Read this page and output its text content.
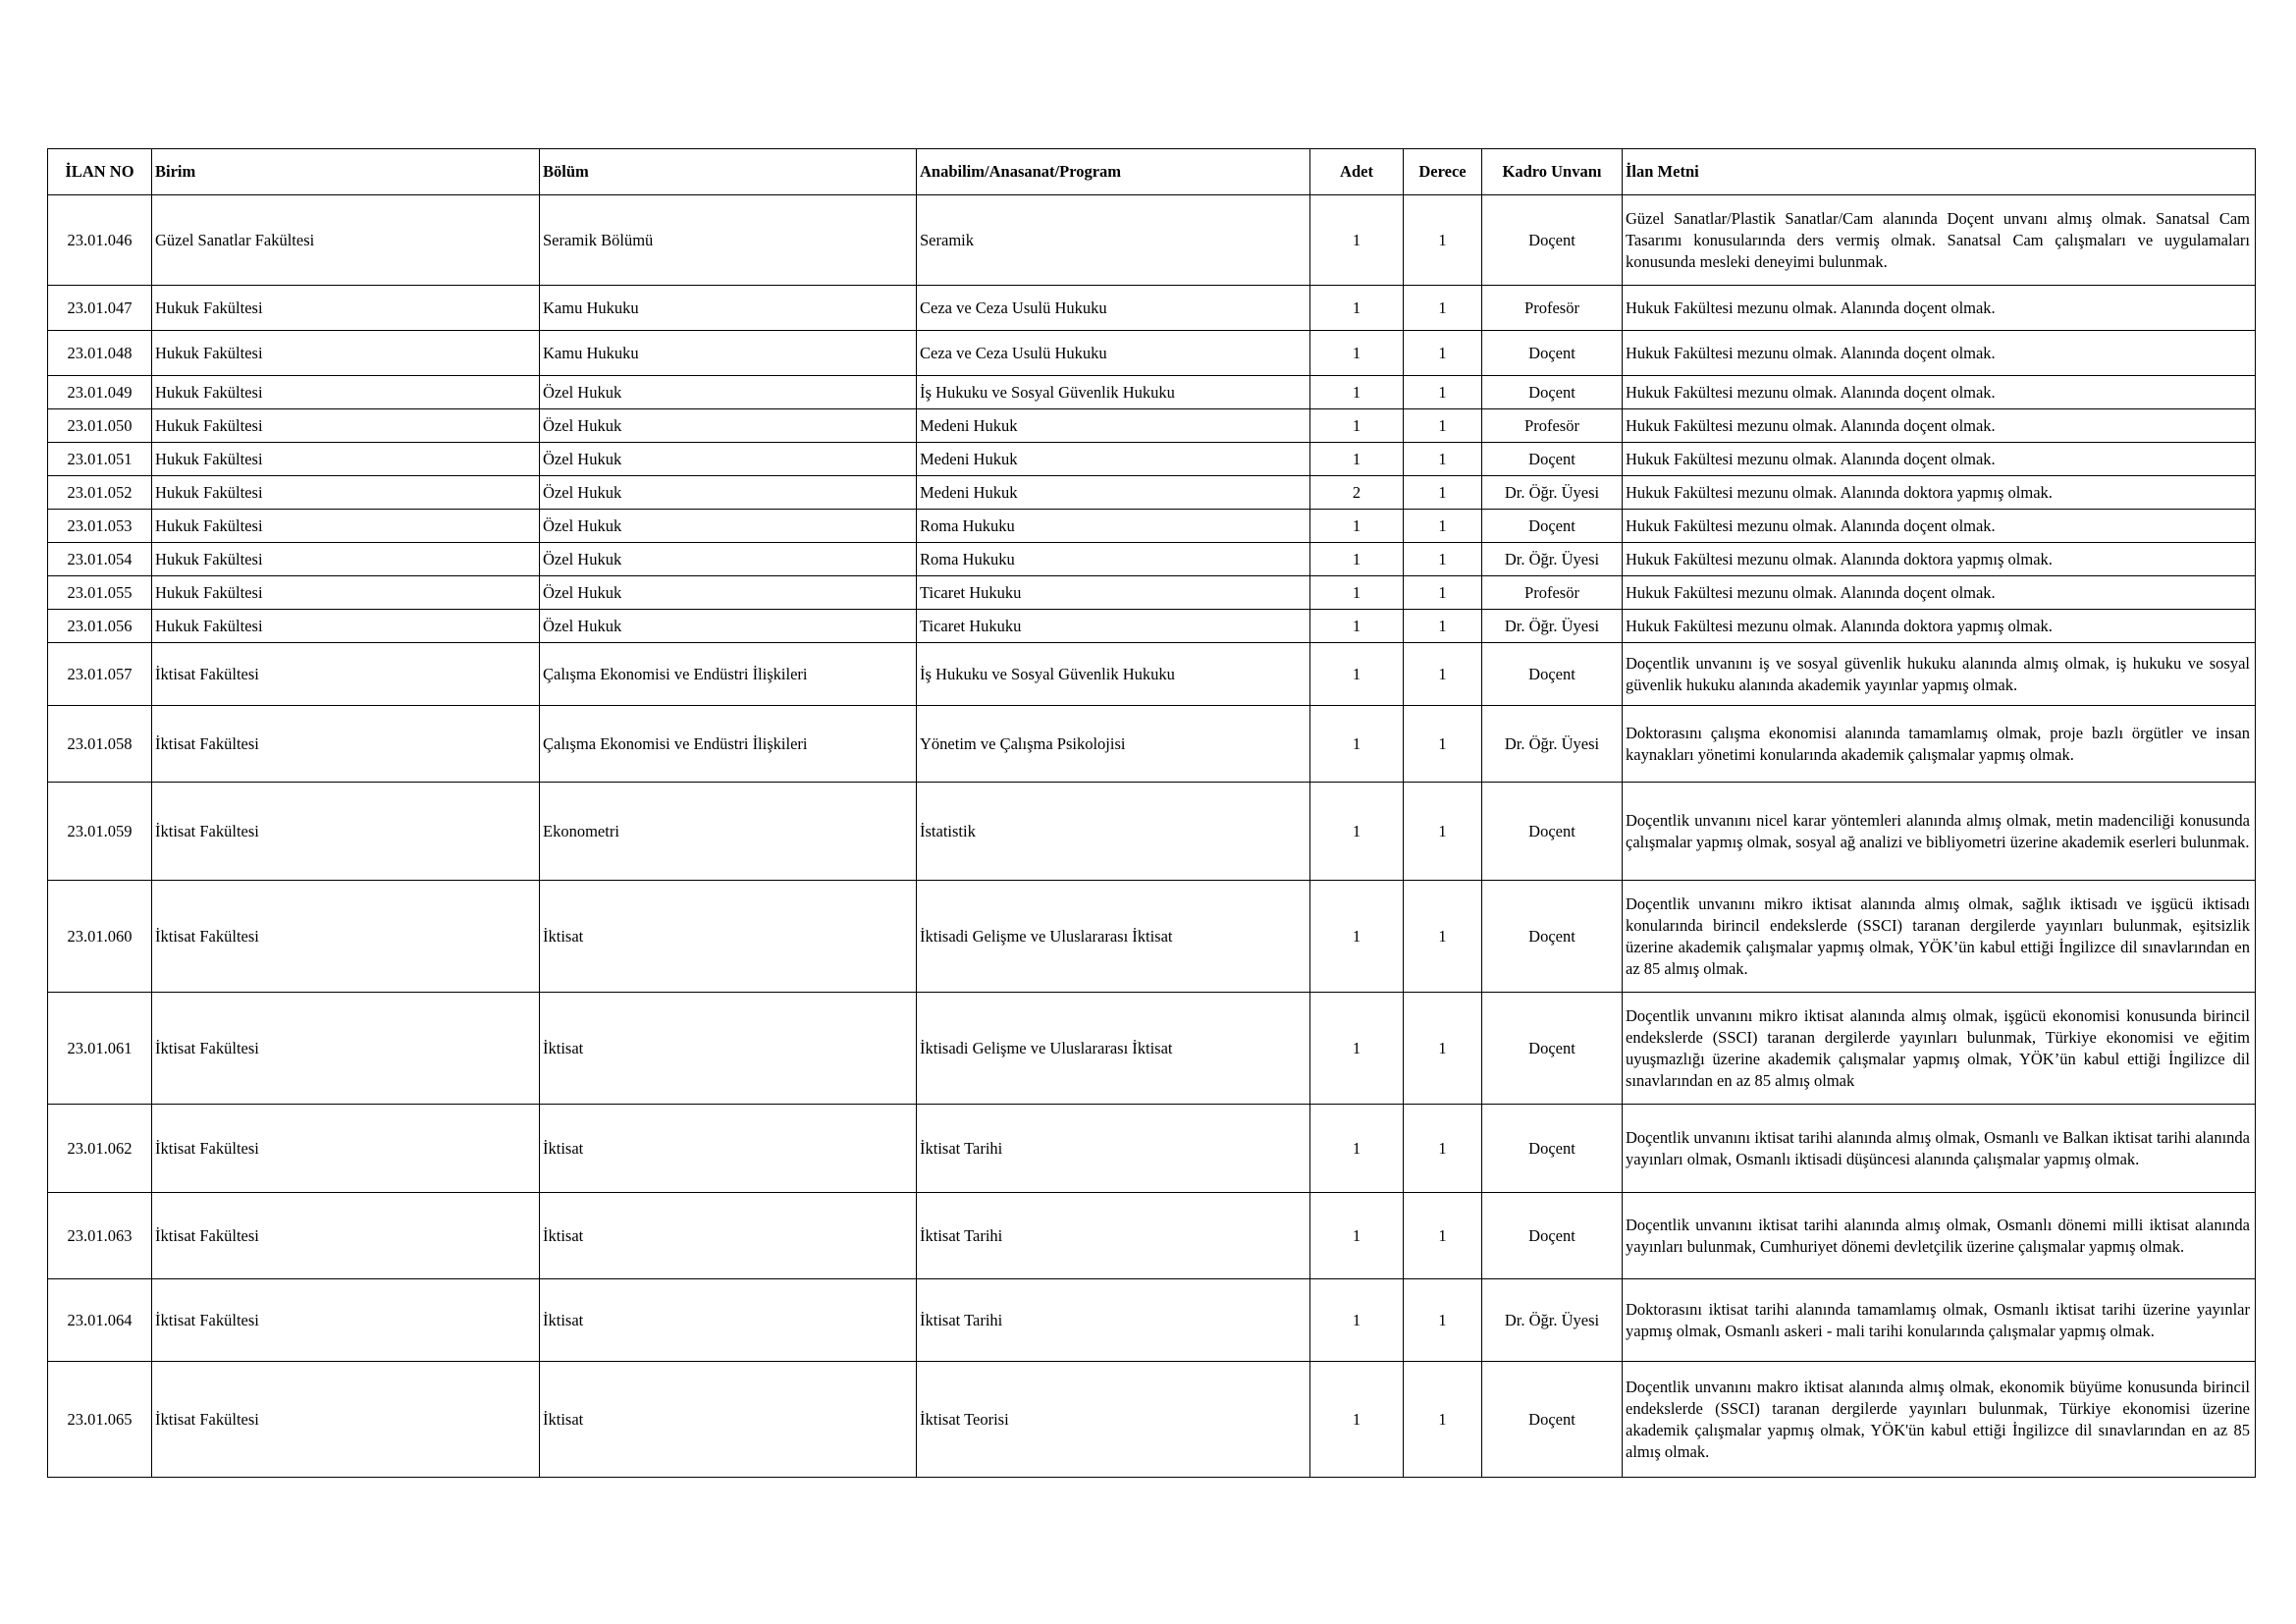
İLAN NO	Birim	Bölüm	Anabilim/Anasanat/Program	Adet	Derece	Kadro Unvanı	İlan Metni
23.01.046	Güzel Sanatlar Fakültesi	Seramik Bölümü	Seramik	1	1	Doçent	Güzel Sanatlar/Plastik Sanatlar/Cam alanında Doçent unvanı almış olmak. Sanatsal Cam Tasarımı konusularında ders vermiş olmak. Sanatsal Cam çalışmaları ve uygulamaları konusunda mesleki deneyimi bulunmak.
23.01.047	Hukuk Fakültesi	Kamu Hukuku	Ceza ve Ceza Usulü Hukuku	1	1	Profesör	Hukuk Fakültesi mezunu olmak. Alanında doçent olmak.
23.01.048	Hukuk Fakültesi	Kamu Hukuku	Ceza ve Ceza Usulü Hukuku	1	1	Doçent	Hukuk Fakültesi mezunu olmak. Alanında doçent olmak.
23.01.049	Hukuk Fakültesi	Özel Hukuk	İş Hukuku ve Sosyal Güvenlik Hukuku	1	1	Doçent	Hukuk Fakültesi mezunu olmak. Alanında doçent olmak.
23.01.050	Hukuk Fakültesi	Özel Hukuk	Medeni Hukuk	1	1	Profesör	Hukuk Fakültesi mezunu olmak. Alanında doçent olmak.
23.01.051	Hukuk Fakültesi	Özel Hukuk	Medeni Hukuk	1	1	Doçent	Hukuk Fakültesi mezunu olmak. Alanında doçent olmak.
23.01.052	Hukuk Fakültesi	Özel Hukuk	Medeni Hukuk	2	1	Dr. Öğr. Üyesi	Hukuk Fakültesi mezunu olmak. Alanında doktora yapmış olmak.
23.01.053	Hukuk Fakültesi	Özel Hukuk	Roma Hukuku	1	1	Doçent	Hukuk Fakültesi mezunu olmak. Alanında doçent olmak.
23.01.054	Hukuk Fakültesi	Özel Hukuk	Roma Hukuku	1	1	Dr. Öğr. Üyesi	Hukuk Fakültesi mezunu olmak. Alanında doktora yapmış olmak.
23.01.055	Hukuk Fakültesi	Özel Hukuk	Ticaret Hukuku	1	1	Profesör	Hukuk Fakültesi mezunu olmak. Alanında doçent olmak.
23.01.056	Hukuk Fakültesi	Özel Hukuk	Ticaret Hukuku	1	1	Dr. Öğr. Üyesi	Hukuk Fakültesi mezunu olmak. Alanında doktora yapmış olmak.
23.01.057	İktisat Fakültesi	Çalışma Ekonomisi ve Endüstri İlişkileri	İş Hukuku ve Sosyal Güvenlik Hukuku	1	1	Doçent	Doçentlik unvanını iş ve sosyal güvenlik hukuku alanında almış olmak, iş hukuku ve sosyal güvenlik hukuku alanında akademik yayınlar yapmış olmak.
23.01.058	İktisat Fakültesi	Çalışma Ekonomisi ve Endüstri İlişkileri	Yönetim ve Çalışma Psikolojisi	1	1	Dr. Öğr. Üyesi	Doktorasını çalışma ekonomisi alanında tamamlamış olmak, proje bazlı örgütler ve insan kaynakları yönetimi konularında akademik çalışmalar yapmış olmak.
23.01.059	İktisat Fakültesi	Ekonometri	İstatistik	1	1	Doçent	Doçentlik unvanını nicel karar yöntemleri alanında almış olmak, metin madenciliği konusunda çalışmalar yapmış olmak, sosyal ağ analizi ve bibliyometri üzerine akademik eserleri bulunmak.
23.01.060	İktisat Fakültesi	İktisat	İktisadi Gelişme ve Uluslararası İktisat	1	1	Doçent	Doçentlik unvanını mikro iktisat alanında almış olmak, sağlık iktisadı ve işgücü iktisadı konularında birincil endekslerde (SSCI) taranan dergilerde yayınları bulunmak, eşitsizlik üzerine akademik çalışmalar yapmış olmak, YÖK’ün kabul ettiği İngilizce dil sınavlarından en az 85 almış olmak.
23.01.061	İktisat Fakültesi	İktisat	İktisadi Gelişme ve Uluslararası İktisat	1	1	Doçent	Doçentlik unvanını mikro iktisat alanında almış olmak, işgücü ekonomisi konusunda birincil endekslerde (SSCI) taranan dergilerde yayınları bulunmak, Türkiye ekonomisi ve eğitim uyuşmazlığı üzerine akademik çalışmalar yapmış olmak, YÖK’ün kabul ettiği İngilizce dil sınavlarından en az 85 almış olmak
23.01.062	İktisat Fakültesi	İktisat	İktisat Tarihi	1	1	Doçent	Doçentlik unvanını iktisat tarihi alanında almış olmak, Osmanlı ve Balkan iktisat tarihi alanında yayınları olmak, Osmanlı iktisadi düşüncesi alanında çalışmalar yapmış olmak.
23.01.063	İktisat Fakültesi	İktisat	İktisat Tarihi	1	1	Doçent	Doçentlik unvanını iktisat tarihi alanında almış olmak, Osmanlı dönemi milli iktisat alanında yayınları bulunmak, Cumhuriyet dönemi devletçilik üzerine çalışmalar yapmış olmak.
23.01.064	İktisat Fakültesi	İktisat	İktisat Tarihi	1	1	Dr. Öğr. Üyesi	Doktorasını iktisat tarihi alanında tamamlamış olmak, Osmanlı iktisat tarihi üzerine yayınlar yapmış olmak, Osmanlı askeri - mali tarihi konularında çalışmalar yapmış olmak.
23.01.065	İktisat Fakültesi	İktisat	İktisat Teorisi	1	1	Doçent	Doçentlik unvanını makro iktisat alanında almış olmak, ekonomik büyüme konusunda birincil endekslerde (SSCI) taranan dergilerde yayınları bulunmak, Türkiye ekonomisi üzerine akademik çalışmalar yapmış olmak, YÖK'ün kabul ettiği İngilizce dil sınavlarından en az 85 almış olmak.
